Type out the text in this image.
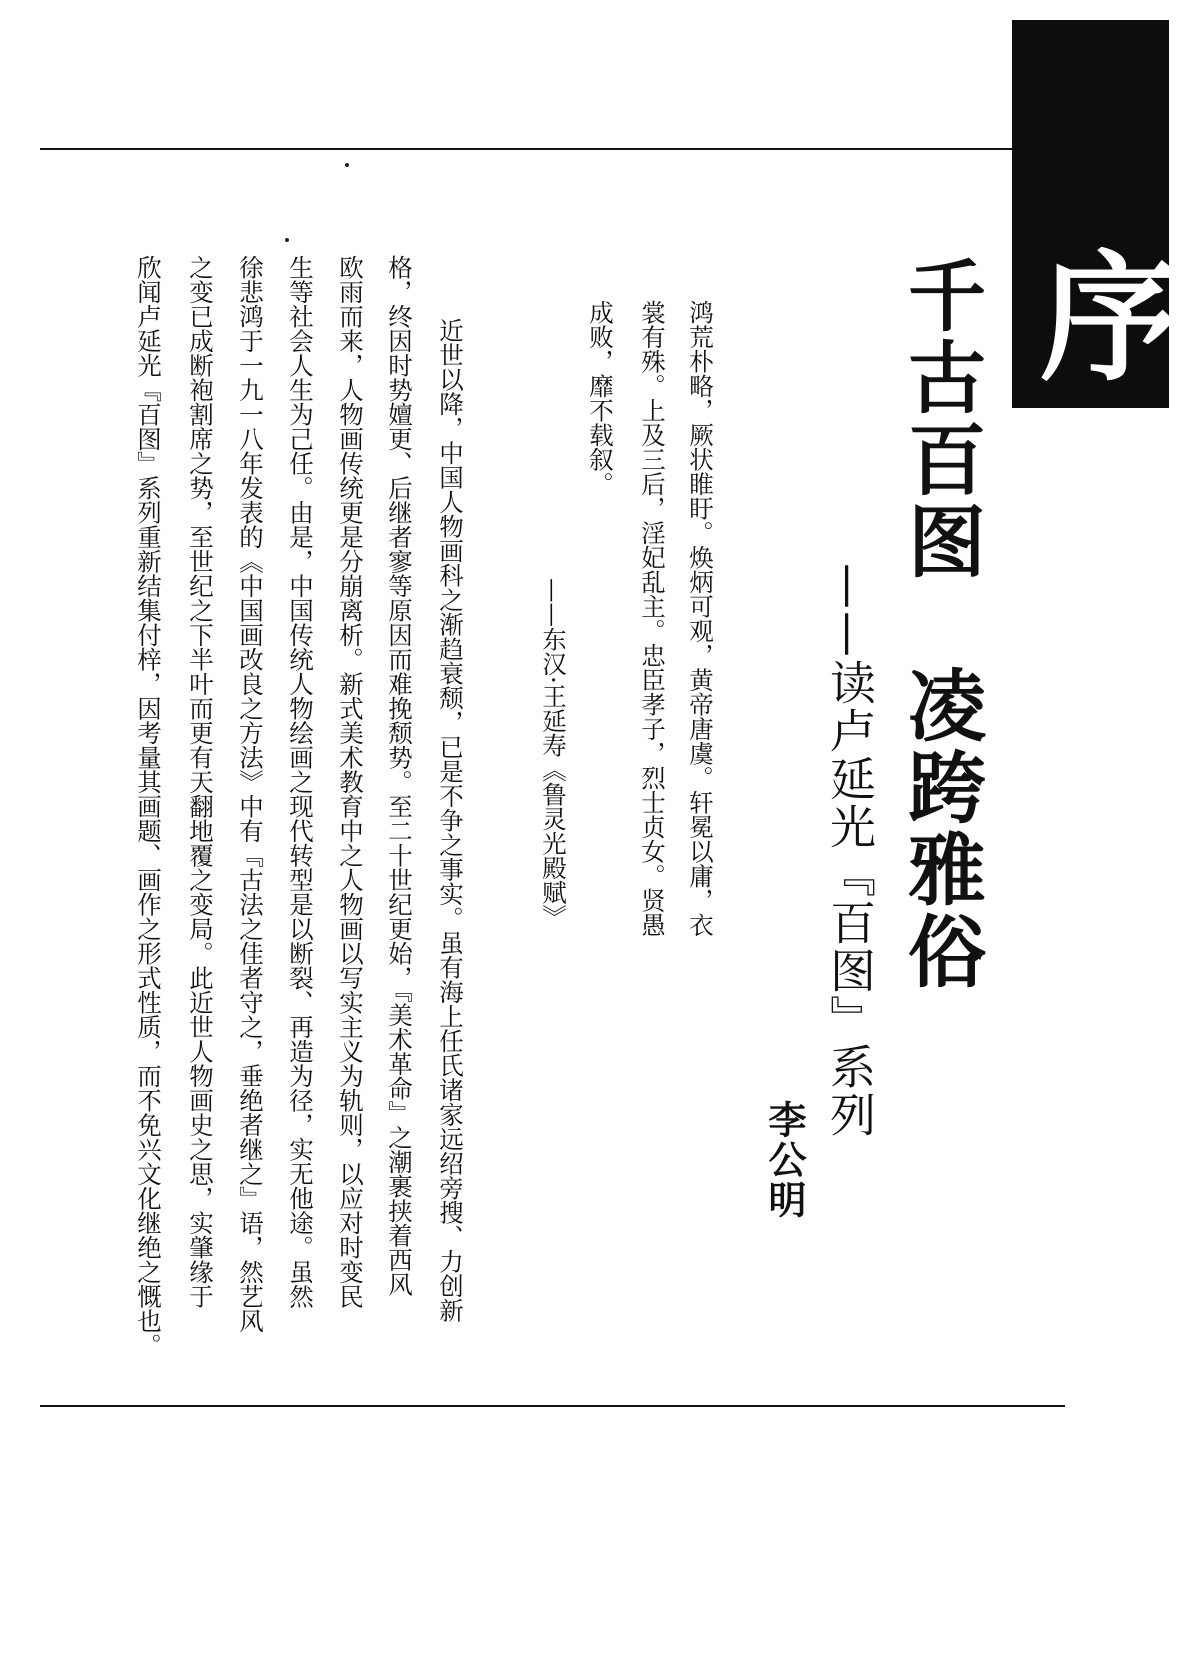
序
千古百图　凌跨雅俗
——读卢延光『百图』系列
李公明
鸿荒朴略，厥状睢盱。焕炳可观，黄帝唐虞。轩冕以庸，衣
裳有殊。上及三后，淫妃乱主。忠臣孝子，烈士贞女。贤愚
成败，靡不载叙。
——东汉·王延寿《鲁灵光殿赋》
近世以降，中国人物画科之渐趋衰颓，已是不争之事实。虽有海上任氏诸家远绍旁搜、力创新
格，终因时势嬗更、后继者寥等原因而难挽颓势。至二十世纪更始，『美术革命』之潮裹挟着西风
欧雨而来，人物画传统更是分崩离析。新式美术教育中之人物画以写实主义为轨则，以应对时变民
生等社会人生为己任。由是，中国传统人物绘画之现代转型是以断裂、再造为径，实无他途。虽然
徐悲鸿于一九一八年发表的《中国画改良之方法》中有『古法之佳者守之，垂绝者继之』语，然艺风
之变已成断袍割席之势，至世纪之下半叶而更有天翻地覆之变局。此近世人物画史之思，实肇缘于
欣闻卢延光『百图』系列重新结集付梓，因考量其画题、画作之形式性质，而不免兴文化继绝之慨也。
